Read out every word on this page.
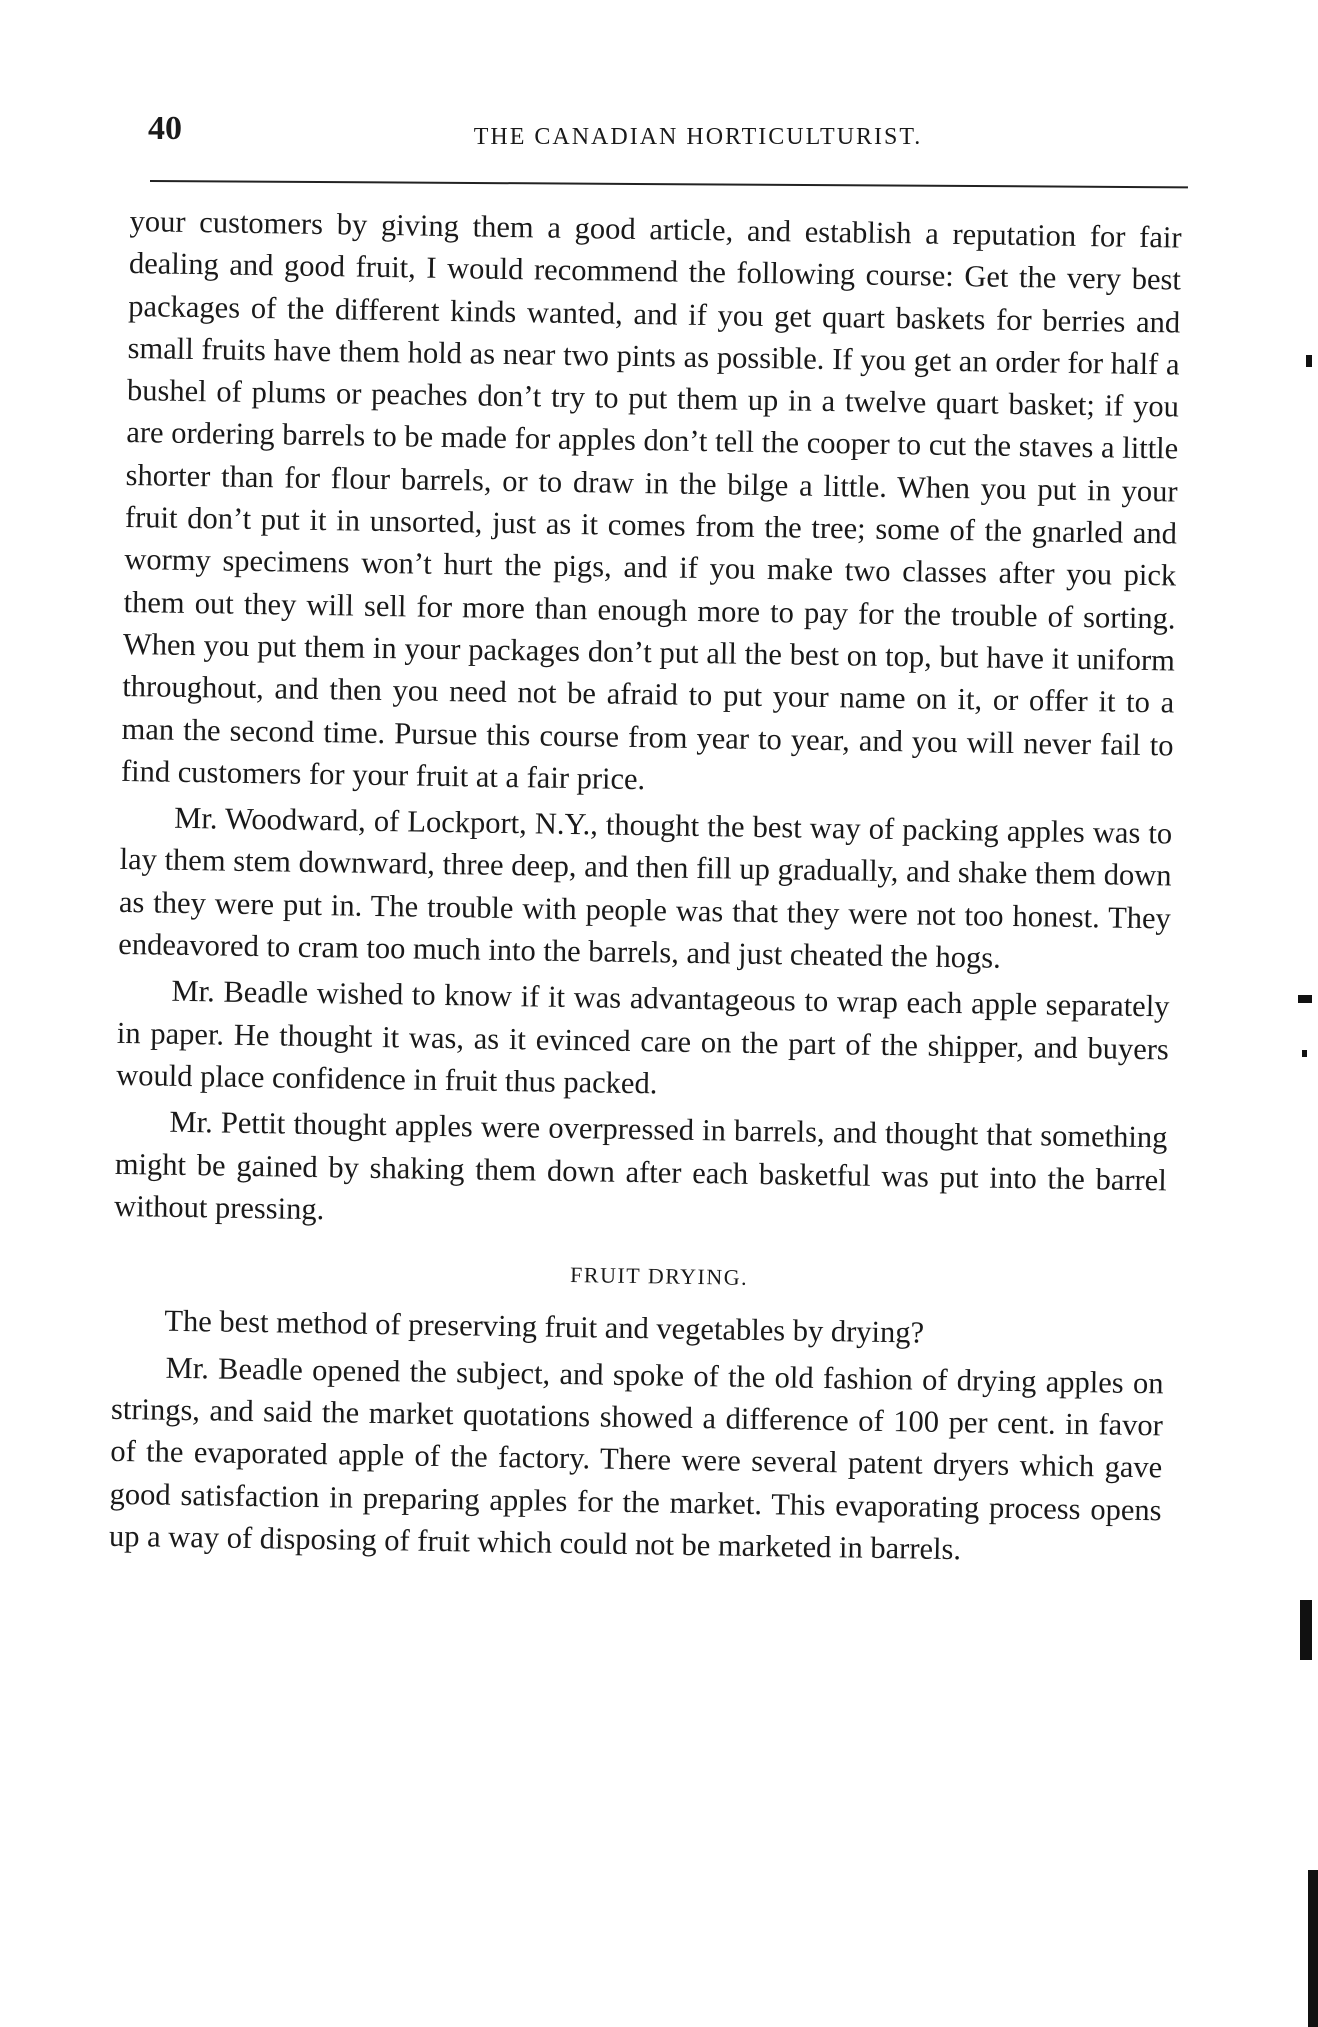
40	THE CANADIAN HORTICULTURIST.

your customers by giving them a good article, and establish a reputation for fair dealing and good fruit, I would recommend the following course: Get the very best packages of the different kinds wanted, and if you get quart baskets for berries and small fruits have them hold as near two pints as possible. If you get an order for half a bushel of plums or peaches don’t try to put them up in a twelve quart basket; if you are ordering barrels to be made for apples don’t tell the cooper to cut the staves a little shorter than for flour barrels, or to draw in the bilge a little. When you put in your fruit don’t put it in unsorted, just as it comes from the tree; some of the gnarled and wormy specimens won’t hurt the pigs, and if you make two classes after you pick them out they will sell for more than enough more to pay for the trouble of sorting. When you put them in your packages don’t put all the best on top, but have it uniform throughout, and then you need not be afraid to put your name on it, or offer it to a man the second time. Pursue this course from year to year, and you will never fail to find customers for your fruit at a fair price.

Mr. Woodward, of Lockport, N.Y., thought the best way of packing apples was to lay them stem downward, three deep, and then fill up gradually, and shake them down as they were put in. The trouble with people was that they were not too honest. They endeavored to cram too much into the barrels, and just cheated the hogs.

Mr. Beadle wished to know if it was advantageous to wrap each apple separately in paper. He thought it was, as it evinced care on the part of the shipper, and buyers would place confidence in fruit thus packed.

Mr. Pettit thought apples were overpressed in barrels, and thought that something might be gained by shaking them down after each basketful was put into the barrel without pressing.

FRUIT DRYING.

The best method of preserving fruit and vegetables by drying?

Mr. Beadle opened the subject, and spoke of the old fashion of drying apples on strings, and said the market quotations showed a difference of 100 per cent. in favor of the evaporated apple of the factory. There were several patent dryers which gave good satisfaction in preparing apples for the market. This evaporating process opens up a way of disposing of fruit which could not be marketed in barrels.
